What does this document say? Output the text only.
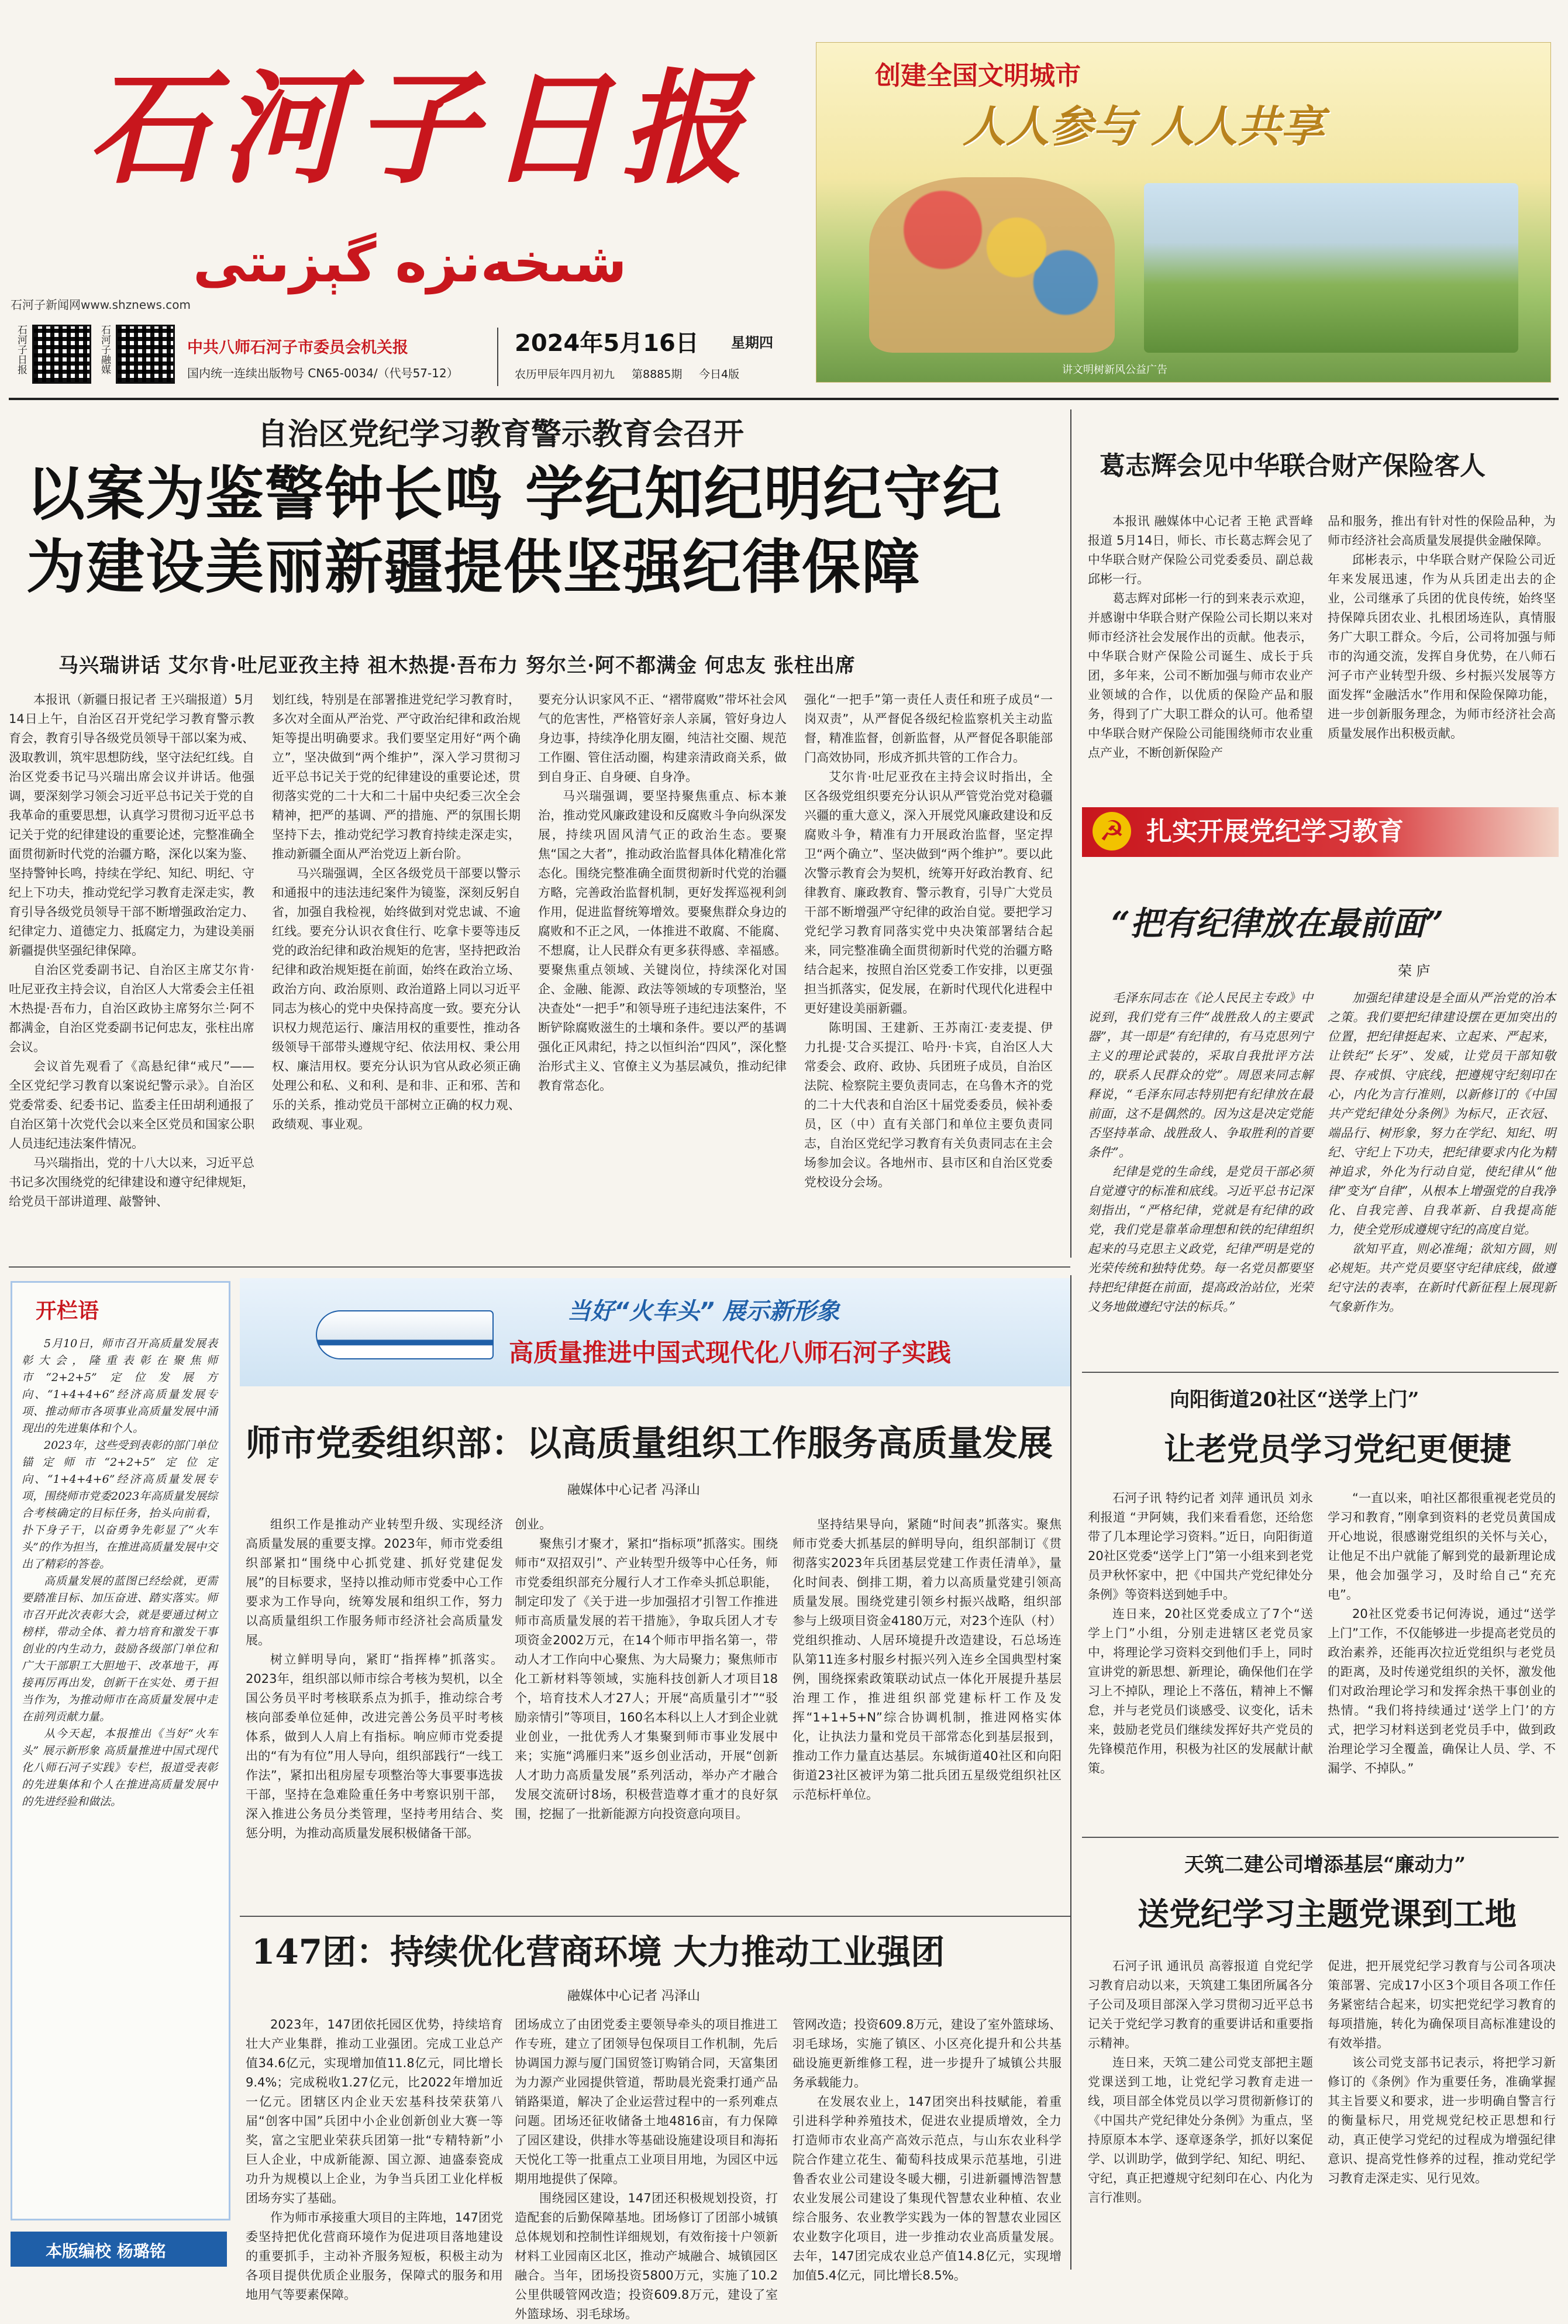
石河子日报
شىخەنزە گېزىتى
石河子新闻网www.shznews.com
石河子日报	石河子融媒	中共八师石河子市委员会机关报
国内统一连续出版物号 CN65-0034/（代号57-12）
2024年5月16日 星期四
农历甲辰年四月初九 第8885期 今日4版
创建全国文明城市
人人参与 人人共享
讲文明树新风公益广告
自治区党纪学习教育警示教育会召开
以案为鉴警钟长鸣 学纪知纪明纪守纪
为建设美丽新疆提供坚强纪律保障
马兴瑞讲话 艾尔肯·吐尼亚孜主持 祖木热提·吾布力 努尔兰·阿不都满金 何忠友 张柱出席

本报讯（新疆日报记者 王兴瑞报道）5月14日上午，自治区召开党纪学习教育警示教育会，教育引导各级党员领导干部以案为戒、汲取教训，筑牢思想防线，坚守法纪红线。自治区党委书记马兴瑞出席会议并讲话。他强调，要深刻学习领会习近平总书记关于党的自我革命的重要思想，认真学习贯彻习近平总书记关于党的纪律建设的重要论述，完整准确全面贯彻新时代党的治疆方略，深化以案为鉴、坚持警钟长鸣，持续在学纪、知纪、明纪、守纪上下功夫，推动党纪学习教育走深走实，教育引导各级党员领导干部不断增强政治定力、纪律定力、道德定力、抵腐定力，为建设美丽新疆提供坚强纪律保障。

自治区党委副书记、自治区主席艾尔肯·吐尼亚孜主持会议，自治区人大常委会主任祖木热提·吾布力，自治区政协主席努尔兰·阿不都满金，自治区党委副书记何忠友，张柱出席会议。

会议首先观看了《高悬纪律“戒尺”——全区党纪学习教育以案说纪警示录》。自治区党委常委、纪委书记、监委主任田胡利通报了自治区第十次党代会以来全区党员和国家公职人员违纪违法案件情况。

马兴瑞指出，党的十八大以来，习近平总书记多次围绕党的纪律建设和遵守纪律规矩，给党员干部讲道理、敲警钟、

划红线，特别是在部署推进党纪学习教育时，多次对全面从严治党、严守政治纪律和政治规矩等提出明确要求。我们要坚定用好“两个确立”，坚决做到“两个维护”，深入学习贯彻习近平总书记关于党的纪律建设的重要论述，贯彻落实党的二十大和二十届中央纪委三次全会精神，把严的基调、严的措施、严的氛围长期坚持下去，推动党纪学习教育持续走深走实，推动新疆全面从严治党迈上新台阶。

马兴瑞强调，全区各级党员干部要以警示和通报中的违法违纪案件为镜鉴，深刻反躬自省，加强自我检视，始终做到对党忠诚、不逾红线。要充分认识衣食住行、吃拿卡要等违反党的政治纪律和政治规矩的危害，坚持把政治纪律和政治规矩挺在前面，始终在政治立场、政治方向、政治原则、政治道路上同以习近平同志为核心的党中央保持高度一致。要充分认识权力规范运行、廉洁用权的重要性，推动各级领导干部带头遵规守纪、依法用权、秉公用权、廉洁用权。要充分认识为官从政必须正确处理公和私、义和利、是和非、正和邪、苦和乐的关系，推动党员干部树立正确的权力观、政绩观、事业观。

要充分认识家风不正、“褶带腐败”带坏社会风气的危害性，严格管好亲人亲属，管好身边人身边事，持续净化朋友圈，纯洁社交圈、规范工作圈、管住活动圈，构建亲清政商关系，做到自身正、自身硬、自身净。

马兴瑞强调，要坚持聚焦重点、标本兼治，推动党风廉政建设和反腐败斗争向纵深发展，持续巩固风清气正的政治生态。要聚焦“国之大者”，推动政治监督具体化精准化常态化。围绕完整准确全面贯彻新时代党的治疆方略，完善政治监督机制，更好发挥巡视利剑作用，促进监督统筹增效。要聚焦群众身边的腐败和不正之风，一体推进不敢腐、不能腐、不想腐，让人民群众有更多获得感、幸福感。要聚焦重点领域、关键岗位，持续深化对国企、金融、能源、政法等领域的专项整治，坚决查处“一把手”和领导班子违纪违法案件，不断铲除腐败滋生的土壤和条件。要以严的基调强化正风肃纪，持之以恒纠治“四风”，深化整治形式主义、官僚主义为基层减负，推动纪律教育常态化。

强化“一把手”第一责任人责任和班子成员“一岗双责”，从严督促各级纪检监察机关主动监督，精准监督，创新监督，从严督促各职能部门高效协同，形成齐抓共管的工作合力。

艾尔肯·吐尼亚孜在主持会议时指出，全区各级党组织要充分认识从严管党治党对稳疆兴疆的重大意义，深入开展党风廉政建设和反腐败斗争，精准有力开展政治监督，坚定捍卫“两个确立”、坚决做到“两个维护”。要以此次警示教育会为契机，统筹开好政治教育、纪律教育、廉政教育、警示教育，引导广大党员干部不断增强严守纪律的政治自觉。要把学习党纪学习教育同落实党中央决策部署结合起来，同完整准确全面贯彻新时代党的治疆方略结合起来，按照自治区党委工作安排，以更强担当抓落实，促发展，在新时代现代化进程中更好建设美丽新疆。

陈明国、王建新、王苏南江·麦麦提、伊力扎提·艾合买提江、哈丹·卡宾，自治区人大常委会、政府、政协、兵团班子成员，自治区法院、检察院主要负责同志，在乌鲁木齐的党的二十大代表和自治区十届党委委员，候补委员，区（中）直有关部门和单位主要负责同志，自治区党纪学习教育有关负责同志在主会场参加会议。各地州市、县市区和自治区党委党校设分会场。

葛志辉会见中华联合财产保险客人

本报讯 融媒体中心记者 王艳 武晋峰报道 5月14日，师长、市长葛志辉会见了中华联合财产保险公司党委委员、副总裁邱彬一行。

葛志辉对邱彬一行的到来表示欢迎，并感谢中华联合财产保险公司长期以来对师市经济社会发展作出的贡献。他表示，中华联合财产保险公司诞生、成长于兵团，多年来，公司不断加强与师市农业产业领域的合作，以优质的保险产品和服务，得到了广大职工群众的认可。他希望中华联合财产保险公司能围绕师市农业重点产业，不断创新保险产

品和服务，推出有针对性的保险品种，为师市经济社会高质量发展提供金融保障。

邱彬表示，中华联合财产保险公司近年来发展迅速，作为从兵团走出去的企业，公司继承了兵团的优良传统，始终坚持保障兵团农业、扎根团场连队，真情服务广大职工群众。今后，公司将加强与师市的沟通交流，发挥自身优势，在八师石河子市产业转型升级、乡村振兴发展等方面发挥“金融活水”作用和保险保障功能，进一步创新服务理念，为师市经济社会高质量发展作出积极贡献。

☭ 扎实开展党纪学习教育
“把有纪律放在最前面”
荣 庐

毛泽东同志在《论人民民主专政》中说到，我们党有三件“战胜敌人的主要武器”，其一即是“有纪律的，有马克思列宁主义的理论武装的，采取自我批评方法的，联系人民群众的党”。周恩来同志解释说，“毛泽东同志特别把有纪律放在最前面，这不是偶然的。因为这是决定党能否坚持革命、战胜敌人、争取胜利的首要条件”。

纪律是党的生命线，是党员干部必须自觉遵守的标准和底线。习近平总书记深刻指出，“严格纪律，党就是有纪律的政党，我们党是靠革命理想和铁的纪律组织起来的马克思主义政党，纪律严明是党的光荣传统和独特优势。每一名党员都要坚持把纪律挺在前面，提高政治站位，光荣义务地做遵纪守法的标兵。”

加强纪律建设是全面从严治党的治本之策。我们要把纪律建设摆在更加突出的位置，把纪律挺起来、立起来、严起来，让铁纪“长牙”、发威，让党员干部知敬畏、存戒惧、守底线，把遵规守纪刻印在心，内化为言行准则，以新修订的《中国共产党纪律处分条例》为标尺，正衣冠、端品行、树形象，努力在学纪、知纪、明纪、守纪上下功夫，把纪律要求内化为精神追求，外化为行动自觉，使纪律从“他律”变为“自律”，从根本上增强党的自我净化、自我完善、自我革新、自我提高能力，使全党形成遵规守纪的高度自觉。

欲知平直，则必准绳；欲知方圆，则必规矩。共产党员要坚守纪律底线，做遵纪守法的表率，在新时代新征程上展现新气象新作为。

开栏语

5月10日，师市召开高质量发展表彰大会，隆重表彰在聚焦师市“2+2+5”定位发展方向、“1+4+4+6”经济高质量发展专项、推动师市各项事业高质量发展中涌现出的先进集体和个人。

2023年，这些受到表彰的部门单位锚定师市“2+2+5”定位定向、“1+4+4+6”经济高质量发展专项，围绕师市党委2023年高质量发展综合考核确定的目标任务，抬头向前看，扑下身子干，以奋勇争先彰显了“火车头”的作为担当，在推进高质量发展中交出了精彩的答卷。

高质量发展的蓝图已经绘就，更需要踏准目标、加压奋进、踏实落实。师市召开此次表彰大会，就是要通过树立榜样，带动全体、着力培育和激发干事创业的内生动力，鼓励各级部门单位和广大干部职工大胆地干、改革地干，再接再厉再出发，创新干在实处、勇于担当作为，为推动师市在高质量发展中走在前列贡献力量。

从今天起，本报推出《当好“火车头” 展示新形象 高质量推进中国式现代化八师石河子实践》专栏，报道受表彰的先进集体和个人在推进高质量发展中的先进经验和做法。

当好“火车头” 展示新形象
高质量推进中国式现代化八师石河子实践
师市党委组织部：以高质量组织工作服务高质量发展
融媒体中心记者 冯泽山

组织工作是推动产业转型升级、实现经济高质量发展的重要支撑。2023年，师市党委组织部紧扣“围绕中心抓党建、抓好党建促发展”的目标要求，坚持以推动师市党委中心工作要求为工作导向，统筹发展和组织工作，努力以高质量组织工作服务师市经济社会高质量发展。

树立鲜明导向，紧盯“指挥棒”抓落实。2023年，组织部以师市综合考核为契机，以全国公务员平时考核联系点为抓手，推动综合考核向部委单位延伸，改进完善公务员平时考核体系，做到人人肩上有指标。响应师市党委提出的“有为有位”用人导向，组织部践行“一线工作法”，紧扣出租房屋专项整治等大事要事选拔干部，坚持在急难险重任务中考察识别干部，深入推进公务员分类管理，坚持考用结合、奖惩分明，为推动高质量发展积极储备干部。

创业。

聚焦引才聚才，紧扣“指标项”抓落实。围绕师市“双招双引”、产业转型升级等中心任务，师市党委组织部充分履行人才工作牵头抓总职能，制定印发了《关于进一步加强招才引智工作推进师市高质量发展的若干措施》，争取兵团人才专项资金2002万元，在14个师市甲指名第一，带动人才工作向中心聚焦、为大局聚力；聚焦师市化工新材料等领域，实施科技创新人才项目18个，培育技术人才27人；开展“高质量引才”“驳励亲情引”等项目，160名本科以上人才到企业就业创业，一批优秀人才集聚到师市事业发展中来；实施“鸿雁归来”返乡创业活动，开展“创新人才助力高质量发展”系列活动，举办产才融合发展交流研讨8场，积极营造尊才重才的良好氛围，挖掘了一批新能源方向投资意向项目。

坚持结果导向，紧随“时间表”抓落实。聚焦师市党委大抓基层的鲜明导向，组织部制订《贯彻落实2023年兵团基层党建工作责任清单》，量化时间表、倒排工期，着力以高质量党建引领高质量发展。围绕党建引领乡村振兴战略，组织部参与上级项目资金4180万元，对23个连队（村）党组织推动、人居环境提升改造建设，石总场连队第11连多村服乡村振兴列入连乡全国典型村案例，围绕探索政策联动试点一体化开展提升基层治理工作，推进组织部党建标杆工作及发挥“1+1+5+N”综合协调机制，推进网格实体化，让执法力量和党员干部常态化到基层报到，推动工作力量直达基层。东城街道40社区和向阳街道23社区被评为第二批兵团五星级党组织社区示范标杆单位。

147团：持续优化营商环境 大力推动工业强团
融媒体中心记者 冯泽山

2023年，147团依托园区优势，持续培育壮大产业集群，推动工业强团。完成工业总产值34.6亿元，实现增加值11.8亿元，同比增长9.4%；完成税收1.27亿元，比2022年增加近一亿元。团辖区内企业天宏基科技荣获第八届“创客中国”兵团中小企业创新创业大赛一等奖，富之宝肥业荣获兵团第一批“专精特新”小巨人企业，中成新能源、国立源、迪盛泰瓷成功升为规模以上企业，为争当兵团工业化样板团场夯实了基础。

作为师市承接重大项目的主阵地，147团党委坚持把优化营商环境作为促进项目落地建设的重要抓手，主动补齐服务短板，积极主动为各项目提供优质企业服务，保障式的服务和用地用气等要素保障。

团场成立了由团党委主要领导牵头的项目推进工作专班，建立了团领导包保项目工作机制，先后协调国力源与厦门国贸签订购销合同，天富集团为力源产业园提供管道，帮助晨光瓷秉打通产品销路渠道，解决了企业运营过程中的一系列难点问题。团场还征收储备土地4816亩，有力保障了园区建设，供排水等基础设施建设项目和海拓天悦化工等一批重点工业项目用地，为园区中远期用地提供了保障。

围绕园区建设，147团还积极规划投资，打造配套的后勤保障基地。团场修订了团部小城镇总体规划和控制性详细规划，有效衔接十户领新材料工业园南区北区，推动产城融合、城镇园区融合。当年，团场投资5800万元，实施了10.2公里供暖管网改造；投资609.8万元，建设了室外篮球场、羽毛球场。

管网改造；投资609.8万元，建设了室外篮球场、羽毛球场，实施了镇区、小区亮化提升和公共基础设施更新维修工程，进一步提升了城镇公共服务承载能力。

在发展农业上，147团突出科技赋能，着重引进科学种养殖技术，促进农业提质增效，全力打造师市农业高产高效示范点，与山东农业科学院合作建立花生、葡萄科技成果示范基地，引进鲁香农业公司建设冬暖大棚，引进新疆博浩智慧农业发展公司建设了集现代智慧农业种植、农业综合服务、农业教学实践为一体的智慧农业园区农业数字化项目，进一步推动农业高质量发展。去年，147团完成农业总产值14.8亿元，实现增加值5.4亿元，同比增长8.5%。

向阳街道20社区“送学上门”
让老党员学习党纪更便捷

石河子讯 特约记者 刘萍 通讯员 刘永利报道 “尹阿姨，我们来看看您，还给您带了几本理论学习资料。”近日，向阳街道20社区党委“送学上门”第一小组来到老党员尹秋怀家中，把《中国共产党纪律处分条例》等资料送到她手中。

连日来，20社区党委成立了7个“送学上门”小组，分别走进辖区老党员家中，将理论学习资料交到他们手上，同时宣讲党的新思想、新理论，确保他们在学习上不掉队，理论上不落伍，精神上不懈怠，并与老党员们谈感受、议变化，话未来，鼓励老党员们继续发挥好共产党员的先锋模范作用，积极为社区的发展献计献策。

“一直以来，咱社区都很重视老党员的学习和教育，”刚拿到资料的老党员黄国成开心地说，很感谢党组织的关怀与关心，让他足不出户就能了解到党的最新理论成果，他会加强学习，及时给自己“充充电”。

20社区党委书记何涛说，通过“送学上门”工作，不仅能够进一步提高老党员的政治素养，还能再次拉近党组织与老党员的距离，及时传递党组织的关怀，激发他们对政治理论学习和发挥余热干事创业的热情。“我们将持续通过‘送学上门’的方式，把学习材料送到老党员手中，做到政治理论学习全覆盖，确保让人员、学、不漏学、不掉队。”

天筑二建公司增添基层“廉动力”
送党纪学习主题党课到工地

石河子讯 通讯员 高蓉报道 自党纪学习教育启动以来，天筑建工集团所属各分子公司及项目部深入学习贯彻习近平总书记关于党纪学习教育的重要讲话和重要指示精神。

连日来，天筑二建公司党支部把主题党课送到工地，让党纪学习教育走进一线，项目部全体党员以学习贯彻新修订的《中国共产党纪律处分条例》为重点，坚持原原本本学、逐章逐条学，抓好以案促学、以训助学，做到学纪、知纪、明纪、守纪，真正把遵规守纪刻印在心、内化为言行准则。

促进，把开展党纪学习教育与公司各项决策部署、完成17小区3个项目各项工作任务紧密结合起来，切实把党纪学习教育的每项措施，转化为确保项目高标准建设的有效举措。

该公司党支部书记表示，将把学习新修订的《条例》作为重要任务，准确掌握其主旨要义和要求，进一步明确自警言行的衡量标尺，用党规党纪校正思想和行动，真正使学习党纪的过程成为增强纪律意识、提高党性修养的过程，推动党纪学习教育走深走实、见行见效。

本版编校 杨璐铭
